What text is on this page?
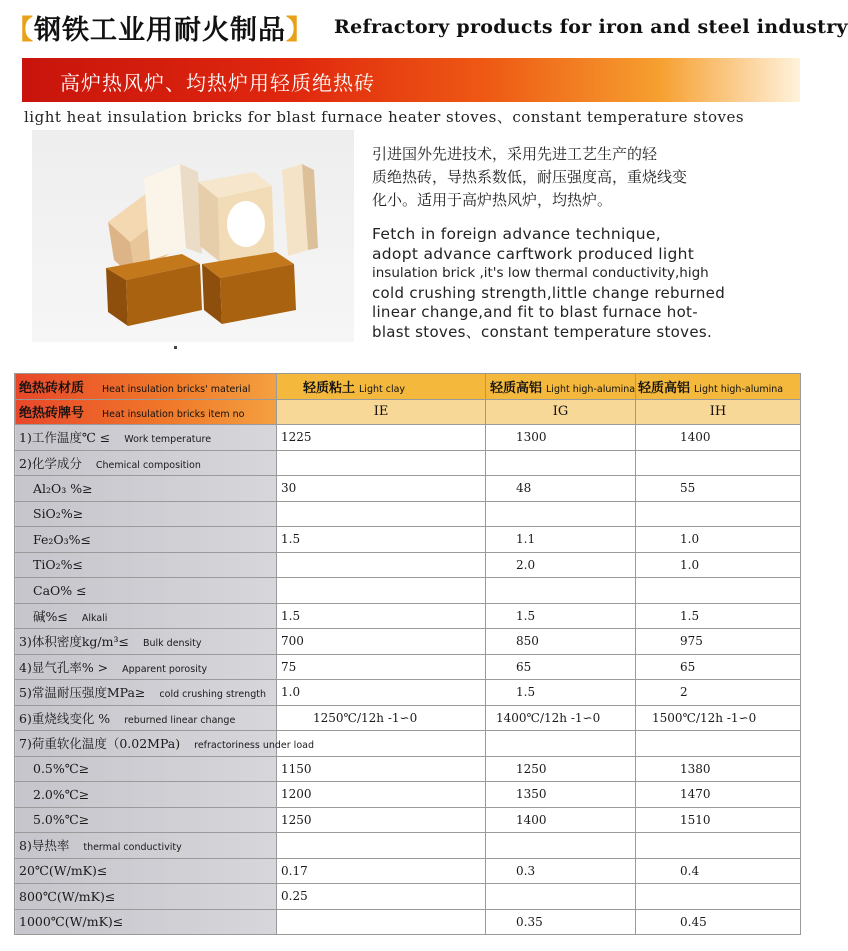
【钢铁工业用耐火制品】 Refractory products for iron and steel industry
高炉热风炉、均热炉用轻质绝热砖
light heat insulation bricks for blast furnace heater stoves、constant temperature stoves
引进国外先进技术，采用先进工艺生产的轻
质绝热砖，导热系数低，耐压强度高，重烧线变
化小。适用于高炉热风炉，均热炉。
Fetch in foreign advance technique,
adopt advance carftwork produced light
insulation brick ,it's low thermal conductivity,high
cold crushing strength,little change reburned
linear change,and fit to blast furnace hot-
blast stoves、constant temperature stoves.
绝热砖材质 Heat insulation bricks' material	轻质粘土 Light clay	轻质高铝 Light high-alumina	轻质高铝 Light high-alumina
绝热砖牌号 Heat insulation bricks item no	IE	IG	IH
1)工作温度℃ ≤ Work temperature	1225	1300	1400
2)化学成分 Chemical composition			
Al₂O₃ %≥	30	48	55
SiO₂%≥			
Fe₂O₃%≤	1.5	1.1	1.0
TiO₂%≤		2.0	1.0
CaO% ≤			
碱%≤ Alkali	1.5	1.5	1.5
3)体积密度kg/m³≤ Bulk density	700	850	975
4)显气孔率% > Apparent porosity	75	65	65
5)常温耐压强度MPa≥ cold crushing strength	1.0	1.5	2
6)重烧线变化 % reburned linear change	1250℃/12h -1∽0	1400℃/12h -1∽0	1500℃/12h -1∽0
7)荷重软化温度（0.02MPa) refractoriness under load			
0.5%℃≥	1150	1250	1380
2.0%℃≥	1200	1350	1470
5.0%℃≥	1250	1400	1510
8)导热率 thermal conductivity			
20℃(W/mK)≤	0.17	0.3	0.4
800℃(W/mK)≤	0.25		
1000℃(W/mK)≤		0.35	0.45
